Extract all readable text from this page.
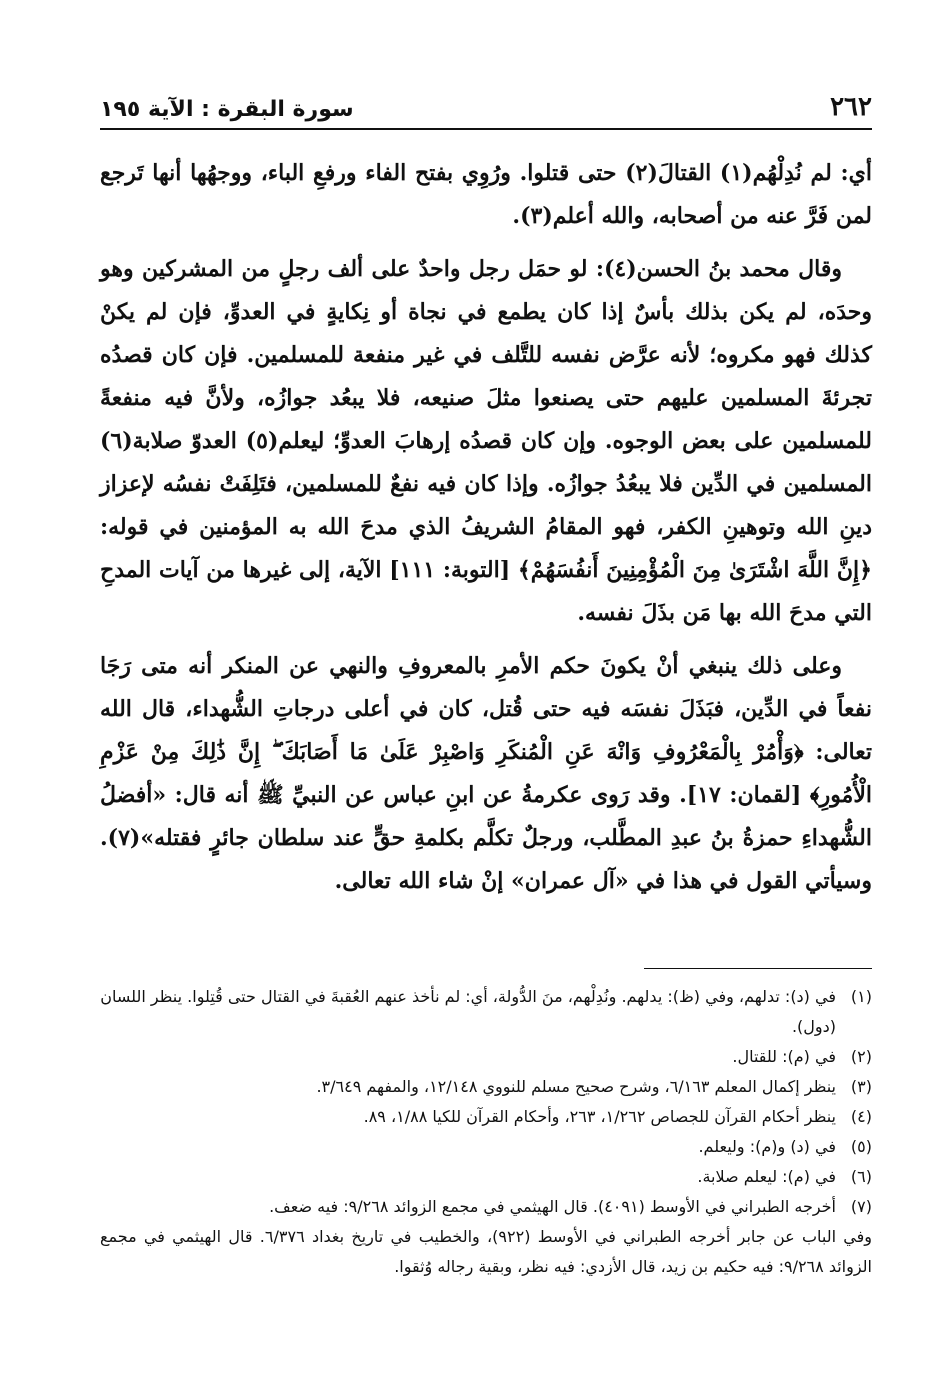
٢٦٢
سورة البقرة : الآية ١٩٥

أي: لم نُدِلْهُم(١) القتالَ(٢) حتى قتلوا. ورُوِي بفتح الفاء ورفعِ الباء، ووجهُها أنها تَرجع لمن فَرَّ عنه من أصحابه، والله أعلم(٣).

وقال محمد بنُ الحسن(٤): لو حمَل رجل واحدٌ على ألف رجلٍ من المشركين وهو وحدَه، لم يكن بذلك بأسٌ إذا كان يطمع في نجاة أو نِكايةٍ في العدوِّ، فإن لم يكنْ كذلك فهو مكروه؛ لأنه عرَّض نفسه للتَّلف في غير منفعة للمسلمين. فإن كان قصدُه تجرئةَ المسلمين عليهم حتى يصنعوا مثلَ صنيعه، فلا يبعُد جوازُه، ولأنَّ فيه منفعةً للمسلمين على بعض الوجوه. وإن كان قصدُه إرهابَ العدوِّ؛ ليعلم(٥) العدوّ صلابة(٦) المسلمين في الدِّين فلا يبعُدُ جوازُه. وإذا كان فيه نفعٌ للمسلمين، فتَلِفَتْ نفسُه لإعزاز دينِ الله وتوهينِ الكفر، فهو المقامُ الشريفُ الذي مدحَ الله به المؤمنين في قوله: ﴿إِنَّ اللَّهَ اشْتَرَىٰ مِنَ الْمُؤْمِنِينَ أَنفُسَهُمْ﴾ [التوبة: ١١١] الآية، إلى غيرها من آيات المدحِ التي مدحَ الله بها مَن بذَلَ نفسه.

وعلى ذلك ينبغي أنْ يكونَ حكم الأمرِ بالمعروفِ والنهي عن المنكر أنه متى رَجَا نفعاً في الدِّين، فبَذَلَ نفسَه فيه حتى قُتل، كان في أعلى درجاتِ الشُّهداء، قال الله تعالى: ﴿وَأْمُرْ بِالْمَعْرُوفِ وَانْهَ عَنِ الْمُنكَرِ وَاصْبِرْ عَلَىٰ مَا أَصَابَكَ ۖ إِنَّ ذَٰلِكَ مِنْ عَزْمِ الْأُمُورِ﴾ [لقمان: ١٧]. وقد رَوى عكرمةُ عن ابنِ عباس عن النبيِّ ﷺ أنه قال: «أفضلُ الشُّهداءِ حمزةُ بنُ عبدِ المطَّلب، ورجلٌ تكلَّم بكلمةِ حقٍّ عند سلطان جائرٍ فقتله»(٧). وسيأتي القول في هذا في «آل عمران» إنْ شاء الله تعالى.

(١)
في (د): تدلهم، وفي (ظ): يدلهم. ونُدِلْهم، منَ الدُّولة، أي: لم نأخذ عنهم العُقبةَ في القتال حتى قُتِلوا. ينظر اللسان (دول).
(٢)
في (م): للقتال.
(٣)
ينظر إكمال المعلم ٦/١٦٣، وشرح صحيح مسلم للنووي ١٢/١٤٨، والمفهم ٣/٦٤٩.
(٤)
ينظر أحكام القرآن للجصاص ١/٢٦٢، ٢٦٣، وأحكام القرآن للكيا ١/٨٨، ٨٩.
(٥)
في (د) و(م): وليعلم.
(٦)
في (م): ليعلم صلابة.
(٧)
أخرجه الطبراني في الأوسط (٤٠٩١). قال الهيثمي في مجمع الزوائد ٩/٢٦٨: فيه ضعف.
وفي الباب عن جابر أخرجه الطبراني في الأوسط (٩٢٢)، والخطيب في تاريخ بغداد ٦/٣٧٦. قال الهيثمي في مجمع الزوائد ٩/٢٦٨: فيه حكيم بن زيد، قال الأزدي: فيه نظر، وبقية رجاله وُثقوا.
